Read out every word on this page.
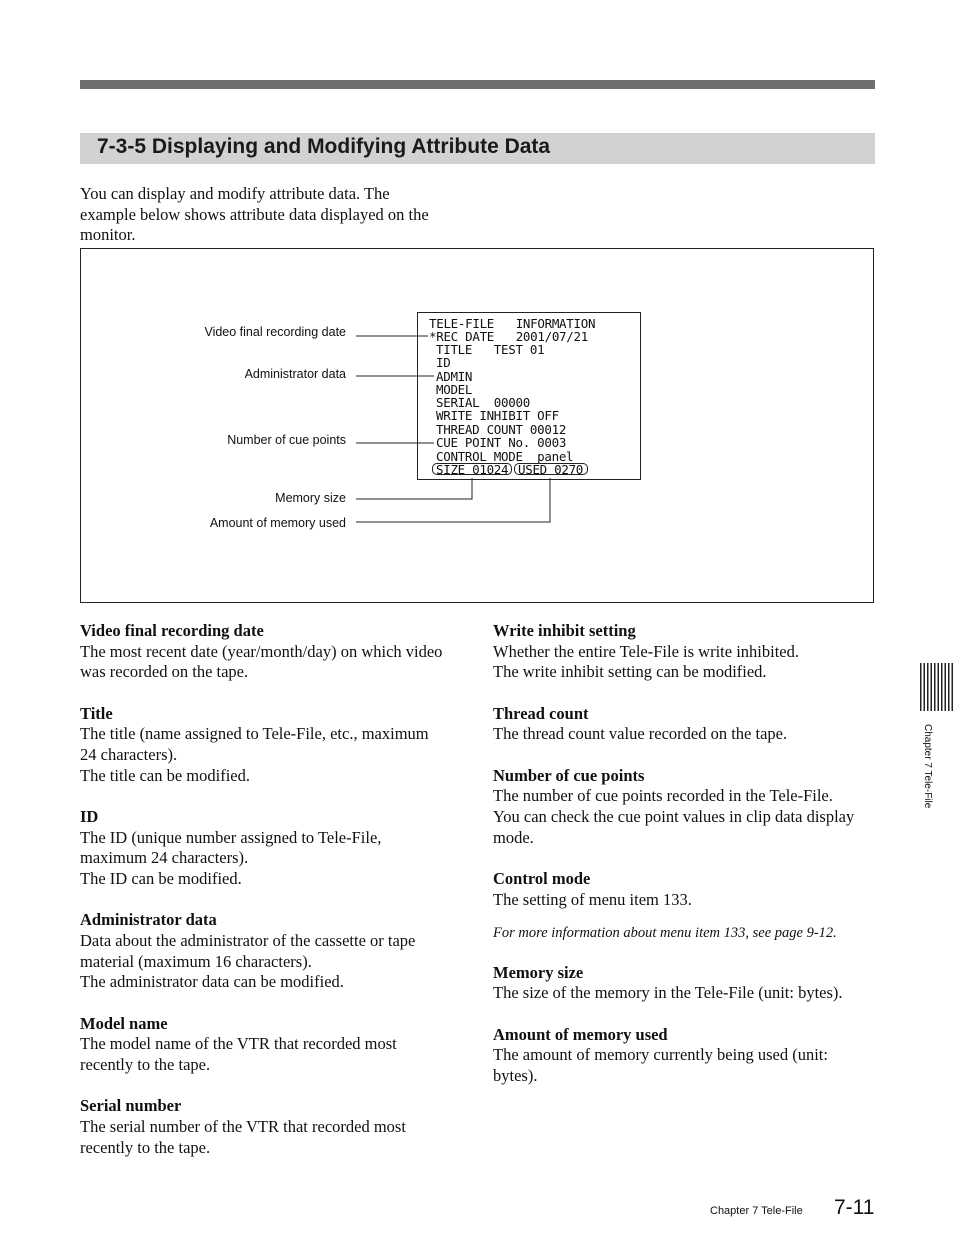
7-3-5 Displaying and Modifying Attribute Data
You can display and modify attribute data. The
example below shows attribute data displayed on the
monitor.
Video final recording date
Administrator data
Number of cue points
Memory size
Amount of memory used
TELE-FILE   INFORMATION
*REC DATE   2001/07/21
TITLE   TEST 01
ID
ADMIN
MODEL
SERIAL  00000
WRITE INHIBIT OFF
THREAD COUNT 00012
CUE POINT No. 0003
CONTROL MODE  panel
SIZE 01024 USED 0270
Video final recording date
The most recent date (year/month/day) on which video
was recorded on the tape.
Title
The title (name assigned to Tele-File, etc., maximum
24 characters).
The title can be modified.
ID
The ID (unique number assigned to Tele-File,
maximum 24 characters).
The ID can be modified.
Administrator data
Data about the administrator of the cassette or tape
material (maximum 16 characters).
The administrator data can be modified.
Model name
The model name of the VTR that recorded most
recently to the tape.
Serial number
The serial number of the VTR that recorded most
recently to the tape.
Write inhibit setting
Whether the entire Tele-File is write inhibited.
The write inhibit setting can be modified.
Thread count
The thread count value recorded on the tape.
Number of cue points
The number of cue points recorded in the Tele-File.
You can check the cue point values in clip data display
mode.
Control mode
The setting of menu item 133.
For more information about menu item 133, see page 9-12.
Memory size
The size of the memory in the Tele-File (unit: bytes).
Amount of memory used
The amount of memory currently being used (unit:
bytes).
Chapter 7 Tele-File
Chapter 7 Tele-File 7-11
